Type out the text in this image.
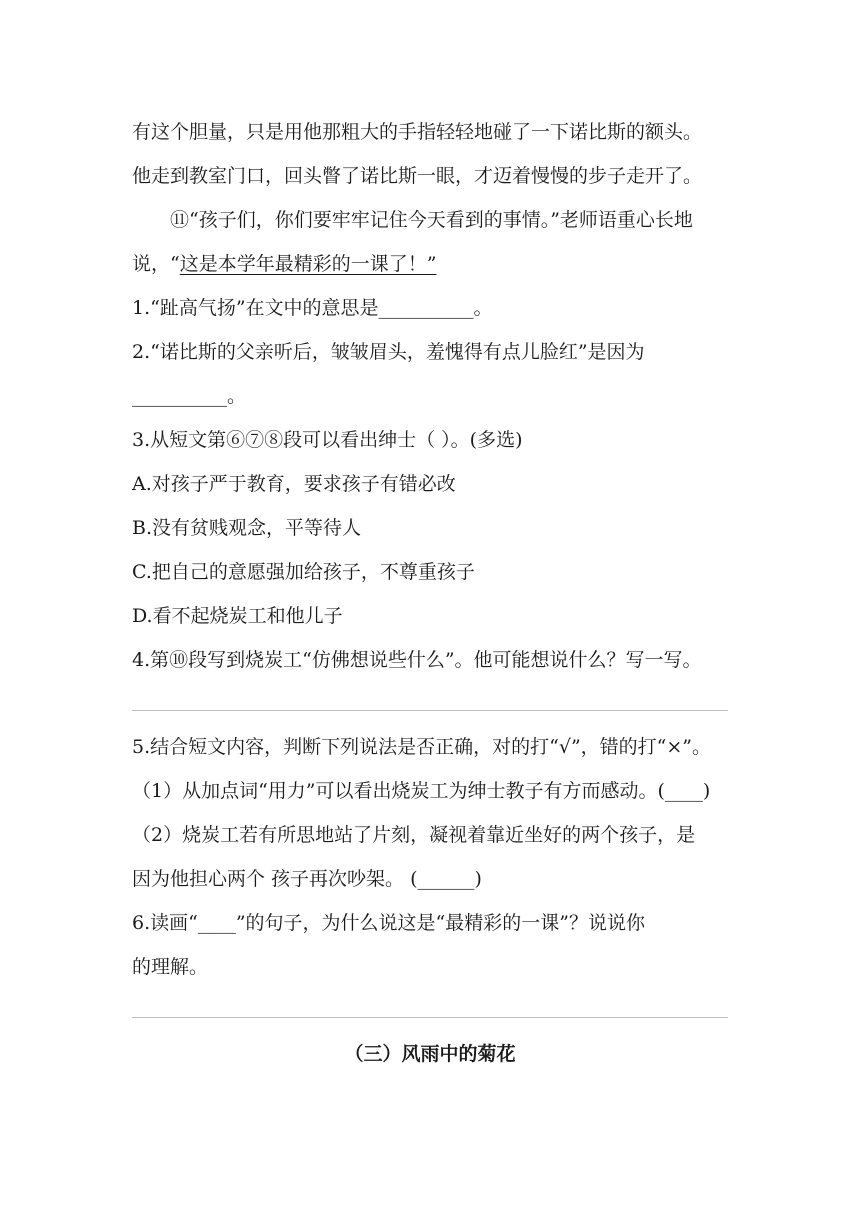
有这个胆量，只是用他那粗大的手指轻轻地碰了一下诺比斯的额头。
他走到教室门口，回头瞥了诺比斯一眼，才迈着慢慢的步子走开了。
⑪“孩子们，你们要牢牢记住今天看到的事情。”老师语重心长地
说，“这是本学年最精彩的一课了！”
1.“趾高气扬”在文中的意思是__________。
2.“诺比斯的父亲听后，皱皱眉头，羞愧得有点儿脸红”是因为
__________。
3.从短文第⑥⑦⑧段可以看出绅士（ ）。(多选)
A.对孩子严于教育，要求孩子有错必改
B.没有贫贱观念，平等待人
C.把自己的意愿强加给孩子，不尊重孩子
D.看不起烧炭工和他儿子
4.第⑩段写到烧炭工“仿佛想说些什么”。他可能想说什么？写一写。
5.结合短文内容，判断下列说法是否正确，对的打“√”，错的打“×”。
（1）从加点词“用力”可以看出烧炭工为绅士教子有方而感动。(____)
（2）烧炭工若有所思地站了片刻，凝视着靠近坐好的两个孩子，是
因为他担心两个 孩子再次吵架。 (______)
6.读画“____”的句子，为什么说这是“最精彩的一课”？说说你
的理解。
（三）风雨中的菊花
